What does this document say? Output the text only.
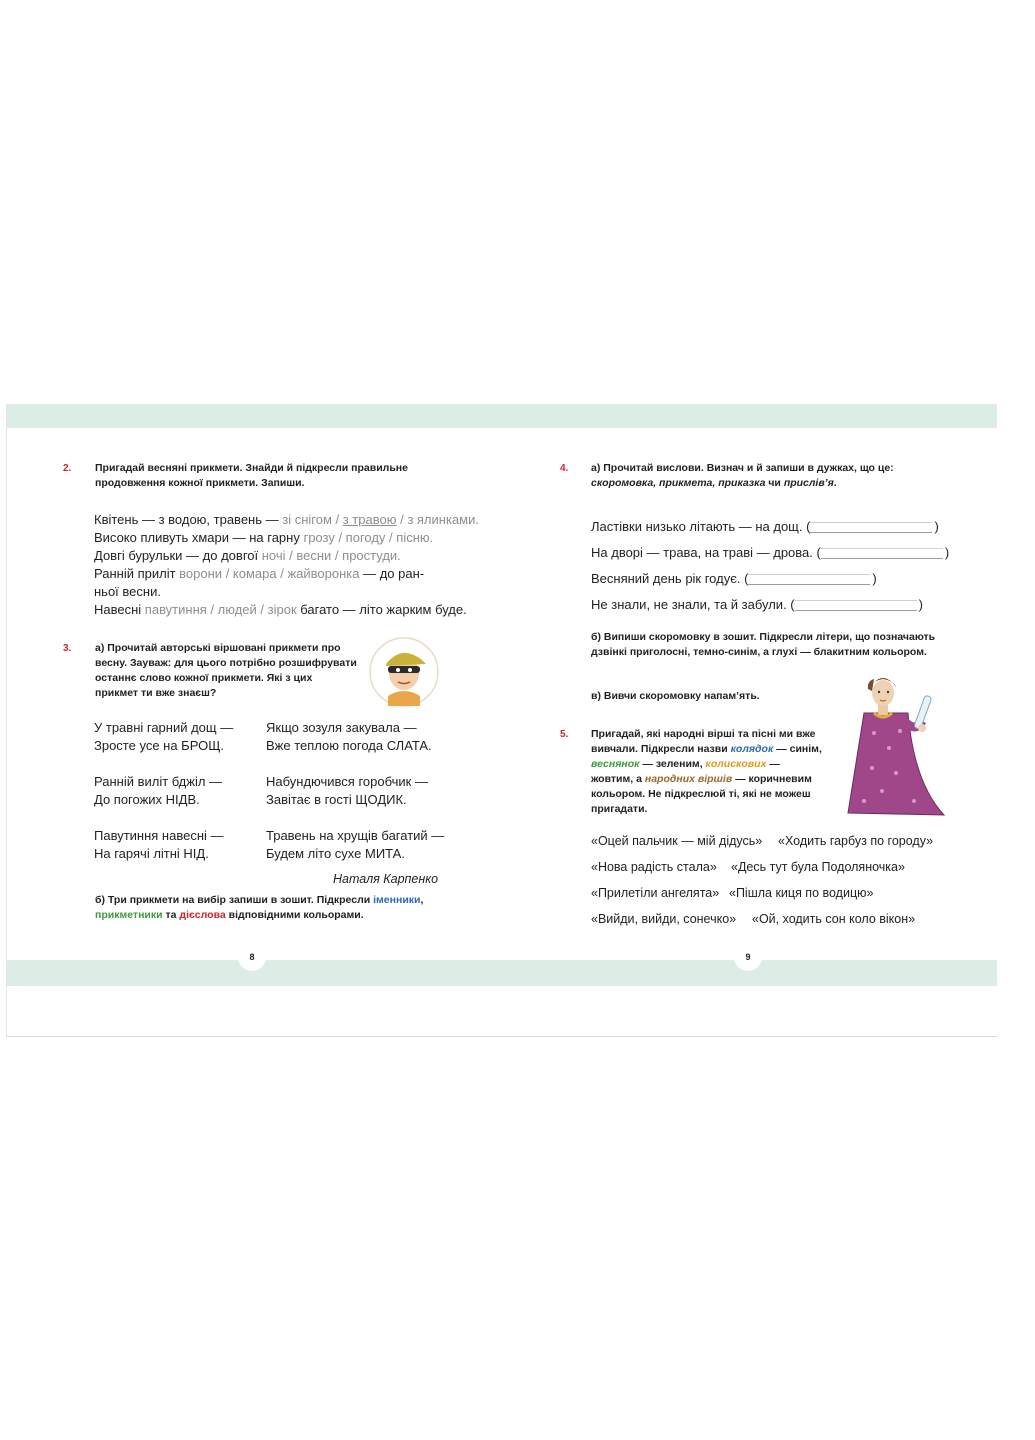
8	9
2. Пригадай весняні прикмети. Знайди й підкресли правильне продовження кожної прикмети. Запиши.
Квітень — з водою, травень — зі снігом / з травою / з ялинками.
Високо пливуть хмари — на гарну грозу / погоду / пісню.
Довгі бурульки — до довгої ночі / весни / простуди.
Ранній приліт ворони / комара / жайворонка — до ран-
ньої весни.
Навесні павутиння / людей / зірок багато — літо жарким буде.
3. а) Прочитай авторські віршовані прикмети про весну. Зауваж: для цього потрібно розшифрувати останнє слово кожної прикмети. Які з цих прикмет ти вже знаєш?
У травні гарний дощ —
Зросте усе на БРОЩ.
Якщо зозуля закувала —
Вже теплою погода СЛАТА.
Ранній виліт бджіл —
До погожих НІДВ.
Набундючився горобчик —
Завітає в гості ЩОДИК.
Павутиння навесні —
На гарячі літні НІД.
Травень на хрущів багатий —
Будем літо сухе МИТА.
Наталя Карпенко
б) Три прикмети на вибір запиши в зошит. Підкресли іменники,
прикметники та дієслова відповідними кольорами.
4. а) Прочитай вислови. Визнач и й запиши в дужках, що це: скоромовка, прикмета, приказка чи прислів’я.
Ластівки низько літають — на дощ. (	)
На дворі — трава, на траві — дрова. (	)
Весняний день рік годує. (	)
Не знали, не знали, та й забули. (	)
б) Випиши скоромовку в зошит. Підкресли літери, що позначають дзвінкі приголосні, темно-синім, а глухі — блакитним кольором.
в) Вивчи скоромовку напам’ять.
5. Пригадай, які народні вірші та пісні ми вже вивчали. Підкресли назви колядок — синім, веснянок — зеленим, колискових — жовтим, а народних віршів — коричневим кольором. Не підкреслюй ті, які не можеш пригадати.
«Оцей пальчик — мій дідусь» «Ходить гарбуз по городу»
«Нова радість стала» «Десь тут була Подоляночка»
«Прилетіли ангелята» «Пішла киця по водицю»
«Вийди, вийди, сонечко» «Ой, ходить сон коло вікон»
